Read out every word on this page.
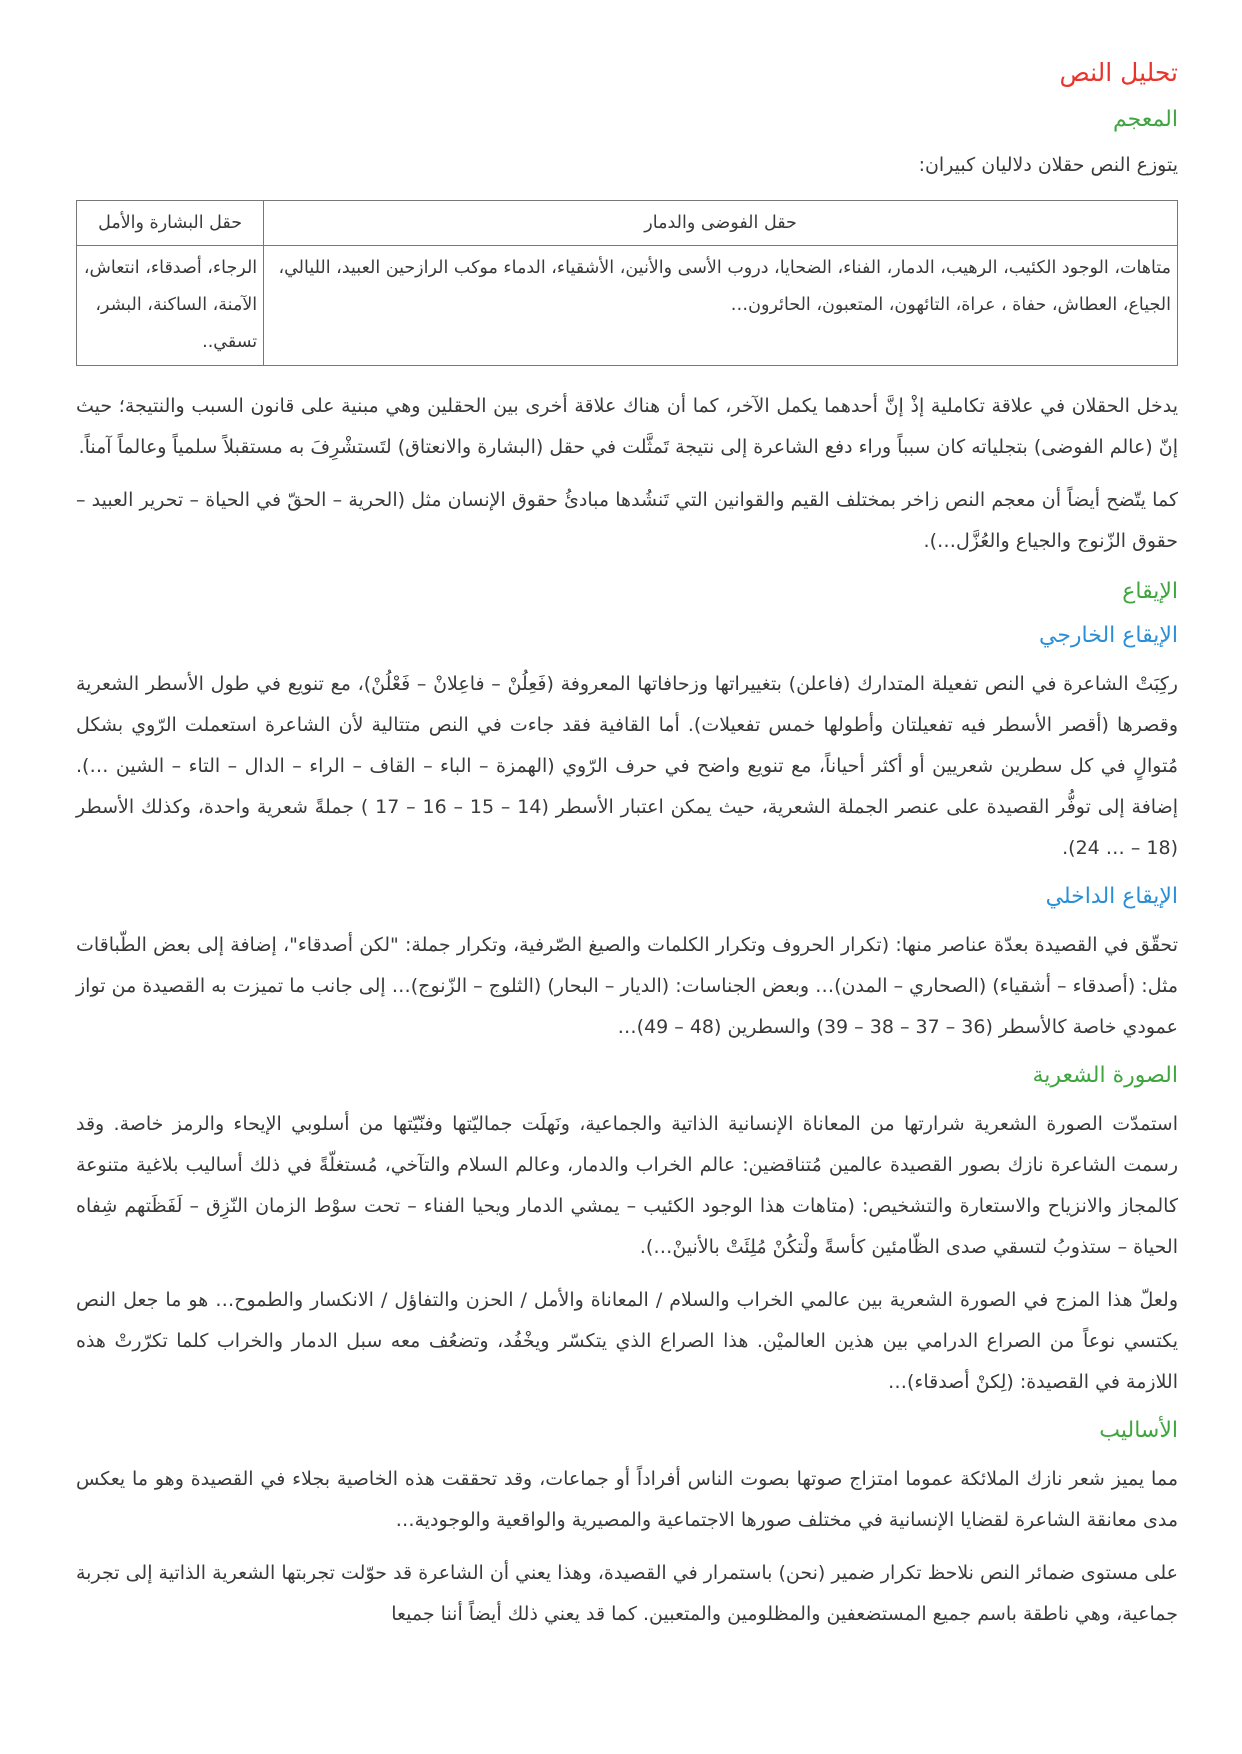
تحليل النص
المعجم
يتوزع النص حقلان دلاليان كبيران:
حقل الفوضى والدمار	حقل البشارة والأمل
متاهات، الوجود الكئيب، الرهيب، الدمار، الفناء، الضحايا، دروب الأسى والأنين، الأشقياء، الدماء موكب الرازحين العبيد، الليالي، الجياع، العطاش، حفاة ، عراة، التائهون، المتعبون، الحائرون…	الرجاء، أصدقاء، انتعاش، الآمنة، الساكنة، البشر، تسقي..

يدخل الحقلان في علاقة تكاملية إذْ إنَّ أحدهما يكمل الآخر، كما أن هناك علاقة أخرى بين الحقلين وهي مبنية على قانون السبب والنتيجة؛ حيث إنّ (عالم الفوضى) بتجلياته كان سبباً وراء دفع الشاعرة إلى نتيجة تَمثَّلت في حقل (البشارة والانعتاق) لتَستشْرِفَ به مستقبلاً سلمياً وعالماً آمناً.

كما يتّضح أيضاً أن معجم النص زاخر بمختلف القيم والقوانين التي تَنشُدها مبادئُ حقوق الإنسان مثل (الحرية – الحقّ في الحياة – تحرير العبيد – حقوق الزّنوج والجياع والعُزَّل…).

الإيقاع
الإيقاع الخارجي

ركِبَتْ الشاعرة في النص تفعيلة المتدارك (فاعلن) بتغييراتها وزحافاتها المعروفة (فَعِلُنْ – فاعِلانْ – فَعْلُنْ)، مع تنويع في طول الأسطر الشعرية وقصرها (أقصر الأسطر فيه تفعيلتان وأطولها خمس تفعيلات). أما القافية فقد جاءت في النص متتالية لأن الشاعرة استعملت الرّوي بشكل مُتوالٍ في كل سطرين شعريين أو أكثر أحياناً، مع تنويع واضح في حرف الرّوي (الهمزة – الباء – القاف – الراء – الدال – التاء – الشين …). إضافة إلى توفُّر القصيدة على عنصر الجملة الشعرية، حيث يمكن اعتبار الأسطر (14 – 15 – 16 – 17 ) جملةً شعرية واحدة، وكذلك الأسطر (18 – … 24).

الإيقاع الداخلي

تحقّق في القصيدة بعدّة عناصر منها: (تكرار الحروف وتكرار الكلمات والصيغ الصّرفية، وتكرار جملة: "لكن أصدقاء"، إضافة إلى بعض الطّباقات مثل: (أصدقاء – أشقياء) (الصحاري – المدن)… وبعض الجناسات: (الديار – البحار) (الثلوج – الزّنوج)… إلى جانب ما تميزت به القصيدة من تواز عمودي خاصة كالأسطر (36 – 37 – 38 – 39) والسطرين (48 – 49)…

الصورة الشعرية

استمدّت الصورة الشعرية شرارتها من المعاناة الإنسانية الذاتية والجماعية، ونَهلَت جماليّتها وفنّيّتها من أسلوبي الإيحاء والرمز خاصة. وقد رسمت الشاعرة نازك بصور القصيدة عالمين مُتناقضين: عالم الخراب والدمار، وعالم السلام والتآخي، مُستغلّةً في ذلك أساليب بلاغية متنوعة كالمجاز والانزياح والاستعارة والتشخيص: (متاهات هذا الوجود الكئيب – يمشي الدمار ويحيا الفناء – تحت سوْط الزمان النّزِق – لَفَظَتهم شِفاه الحياة – ستذوبُ لتسقي صدى الظّامئين كأسةً ولْتكُنْ مُلِئَتْ بالأنينْ…).

ولعلّ هذا المزج في الصورة الشعرية بين عالمي الخراب والسلام / المعاناة والأمل / الحزن والتفاؤل / الانكسار والطموح… هو ما جعل النص يكتسي نوعاً من الصراع الدرامي بين هذين العالميْن. هذا الصراع الذي يتكسّر ويخْفُد، وتضعُف معه سبل الدمار والخراب كلما تكرّرتْ هذه اللازمة في القصيدة: (لِكنْ أصدقاء)…

الأساليب

مما يميز شعر نازك الملائكة عموما امتزاج صوتها بصوت الناس أفراداً أو جماعات، وقد تحققت هذه الخاصية بجلاء في القصيدة وهو ما يعكس مدى معانقة الشاعرة لقضايا الإنسانية في مختلف صورها الاجتماعية والمصيرية والواقعية والوجودية…

على مستوى ضمائر النص نلاحظ تكرار ضمير (نحن) باستمرار في القصيدة، وهذا يعني أن الشاعرة قد حوّلت تجربتها الشعرية الذاتية إلى تجربة جماعية، وهي ناطقة باسم جميع المستضعفين والمظلومين والمتعبين. كما قد يعني ذلك أيضاً أننا جميعا
